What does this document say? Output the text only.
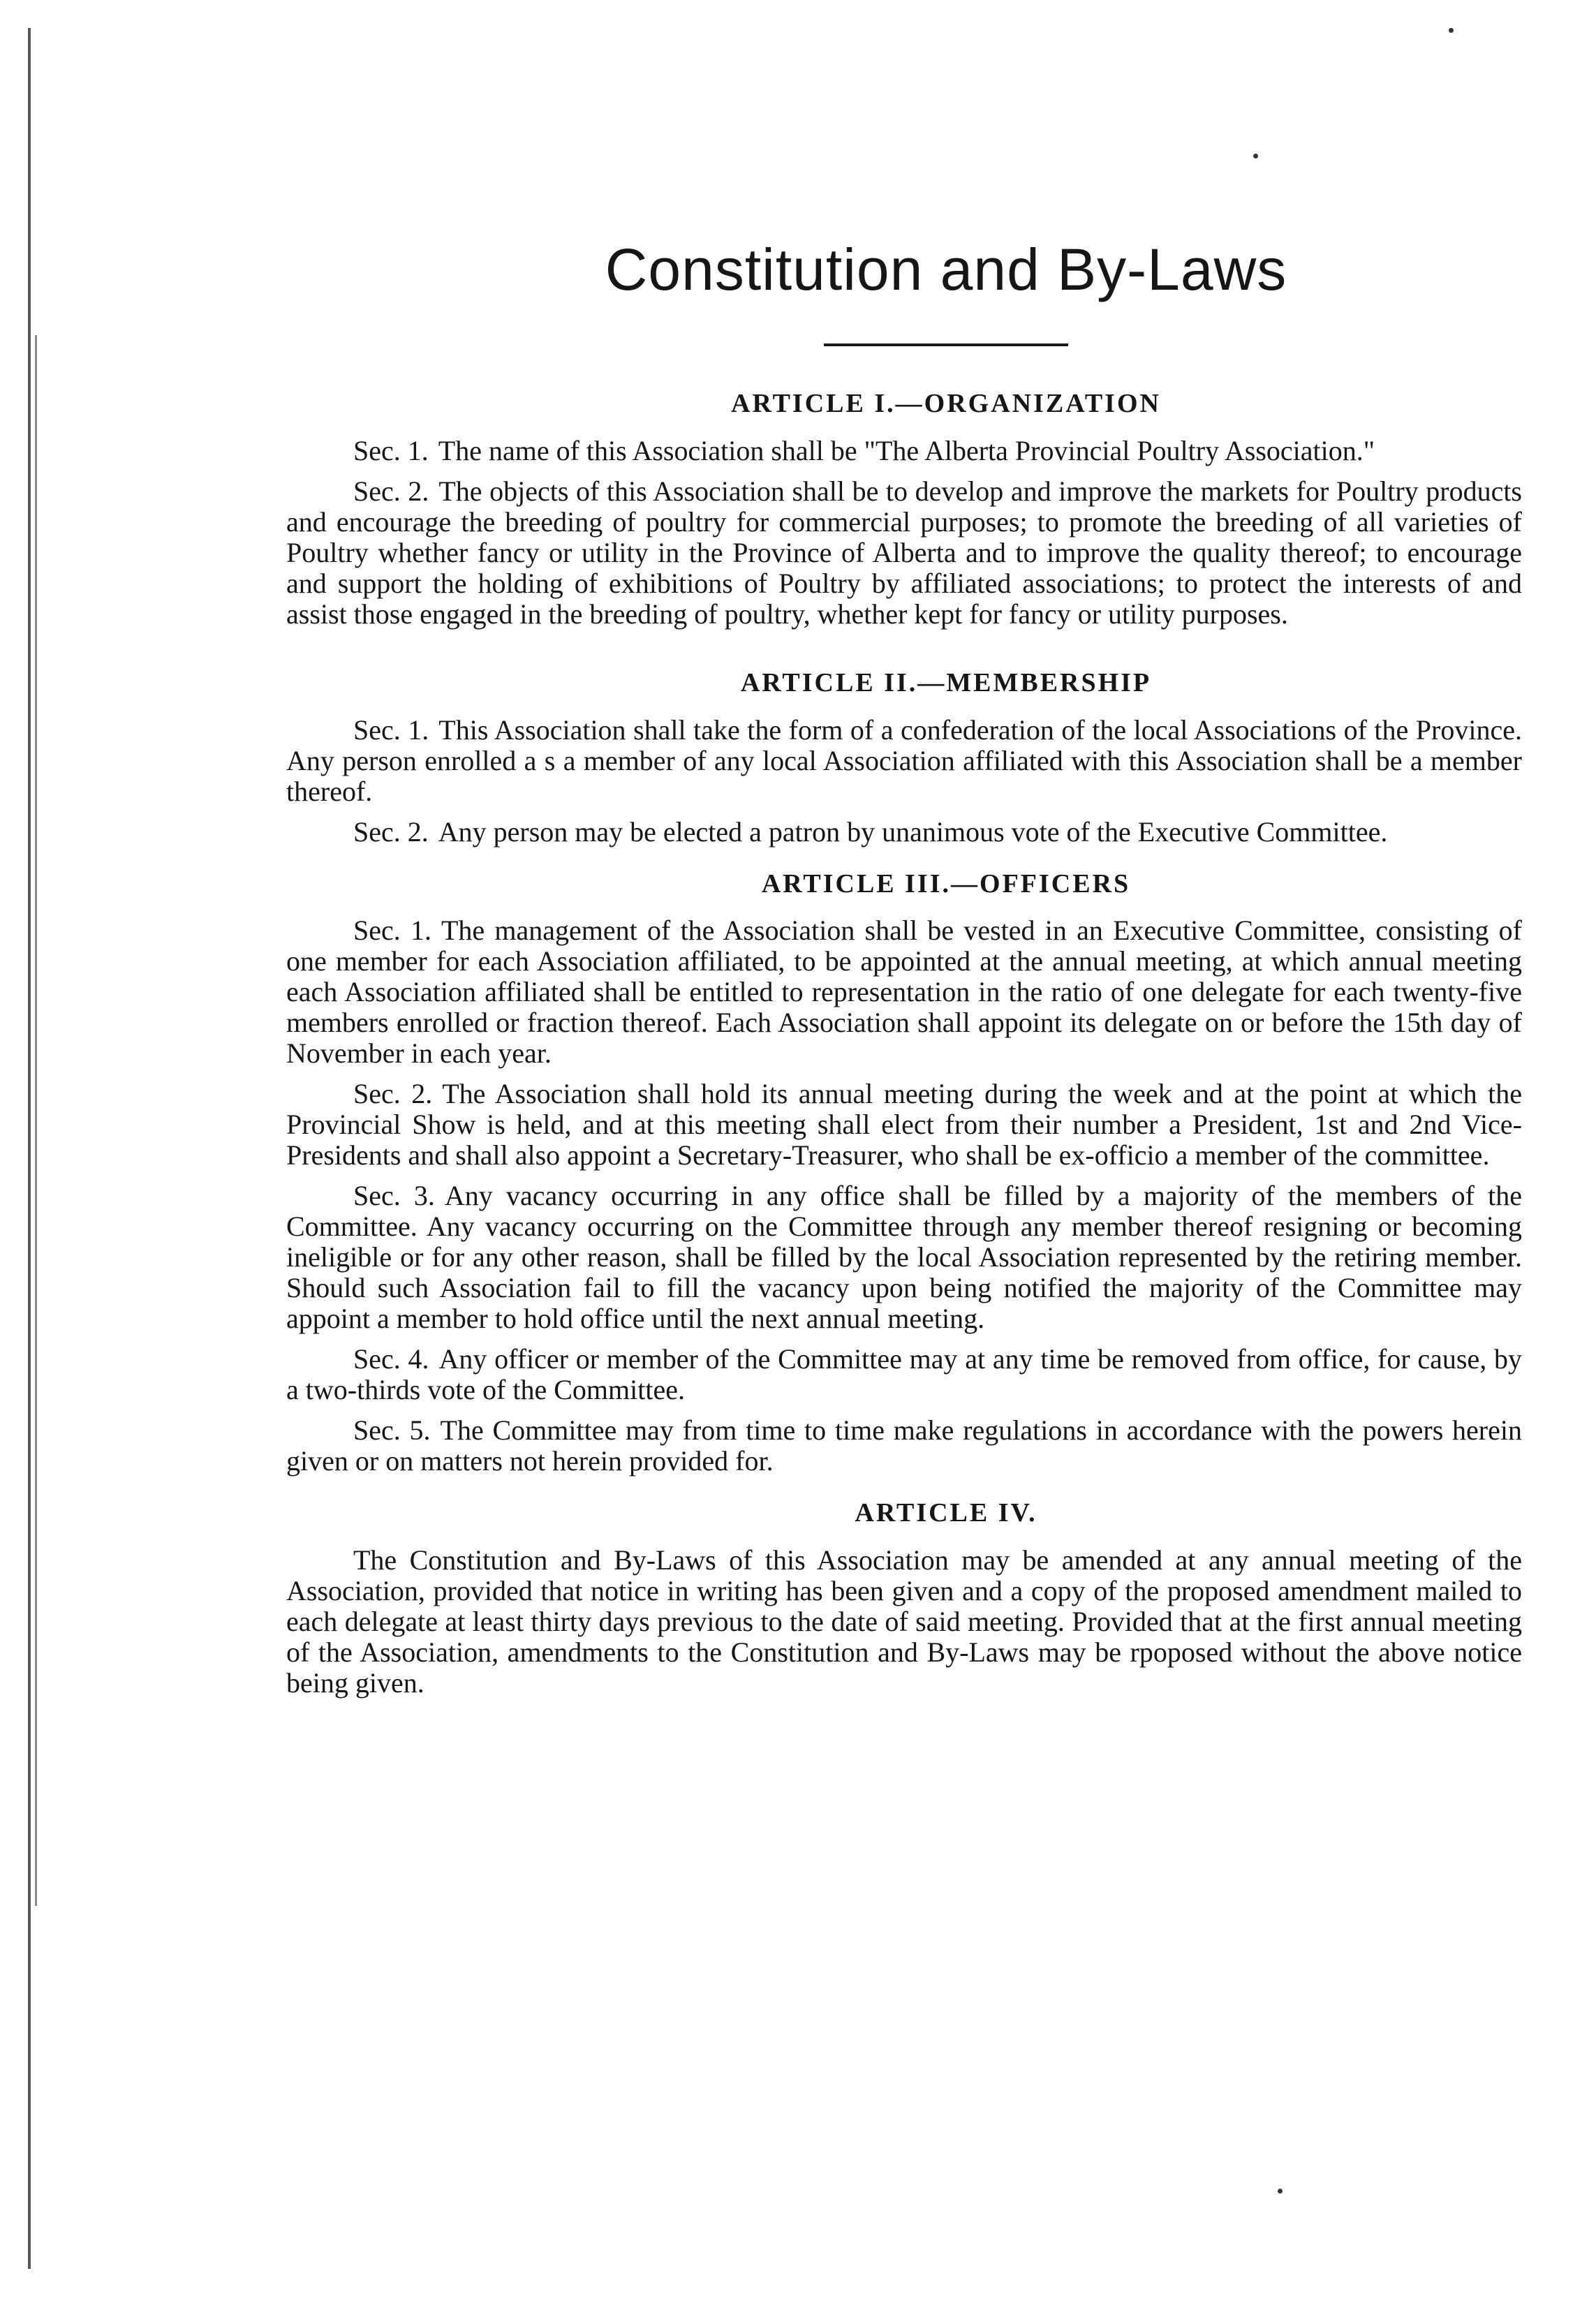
Constitution and By-Laws
ARTICLE I.—ORGANIZATION

Sec. 1. The name of this Association shall be "The Alberta Provincial Poultry Association."

Sec. 2. The objects of this Association shall be to develop and improve the markets for Poultry products and encourage the breeding of poultry for commercial purposes; to promote the breeding of all varieties of Poultry whether fancy or utility in the Province of Alberta and to improve the quality thereof; to encourage and support the holding of exhibitions of Poultry by affiliated associations; to protect the interests of and assist those engaged in the breeding of poultry, whether kept for fancy or utility purposes.

ARTICLE II.—MEMBERSHIP

Sec. 1. This Association shall take the form of a confederation of the local Associations of the Province. Any person enrolled a s a member of any local Association affiliated with this Association shall be a member thereof.

Sec. 2. Any person may be elected a patron by unanimous vote of the Executive Committee.

ARTICLE III.—OFFICERS

Sec. 1. The management of the Association shall be vested in an Executive Committee, consisting of one member for each Association affiliated, to be appointed at the annual meeting, at which annual meeting each Association affiliated shall be entitled to representation in the ratio of one delegate for each twenty-five members enrolled or fraction thereof. Each Association shall appoint its delegate on or before the 15th day of November in each year.

Sec. 2. The Association shall hold its annual meeting during the week and at the point at which the Provincial Show is held, and at this meeting shall elect from their number a President, 1st and 2nd Vice-Presidents and shall also appoint a Secretary-Treasurer, who shall be ex-officio a member of the committee.

Sec. 3. Any vacancy occurring in any office shall be filled by a majority of the members of the Committee. Any vacancy occurring on the Committee through any member thereof resigning or becoming ineligible or for any other reason, shall be filled by the local Association represented by the retiring member. Should such Association fail to fill the vacancy upon being notified the majority of the Committee may appoint a member to hold office until the next annual meeting.

Sec. 4. Any officer or member of the Committee may at any time be removed from office, for cause, by a two-thirds vote of the Committee.

Sec. 5. The Committee may from time to time make regulations in accordance with the powers herein given or on matters not herein provided for.

ARTICLE IV.

The Constitution and By-Laws of this Association may be amended at any annual meeting of the Association, provided that notice in writing has been given and a copy of the proposed amendment mailed to each delegate at least thirty days previous to the date of said meeting. Provided that at the first annual meeting of the Association, amendments to the Constitution and By-Laws may be rpoposed without the above notice being given.
